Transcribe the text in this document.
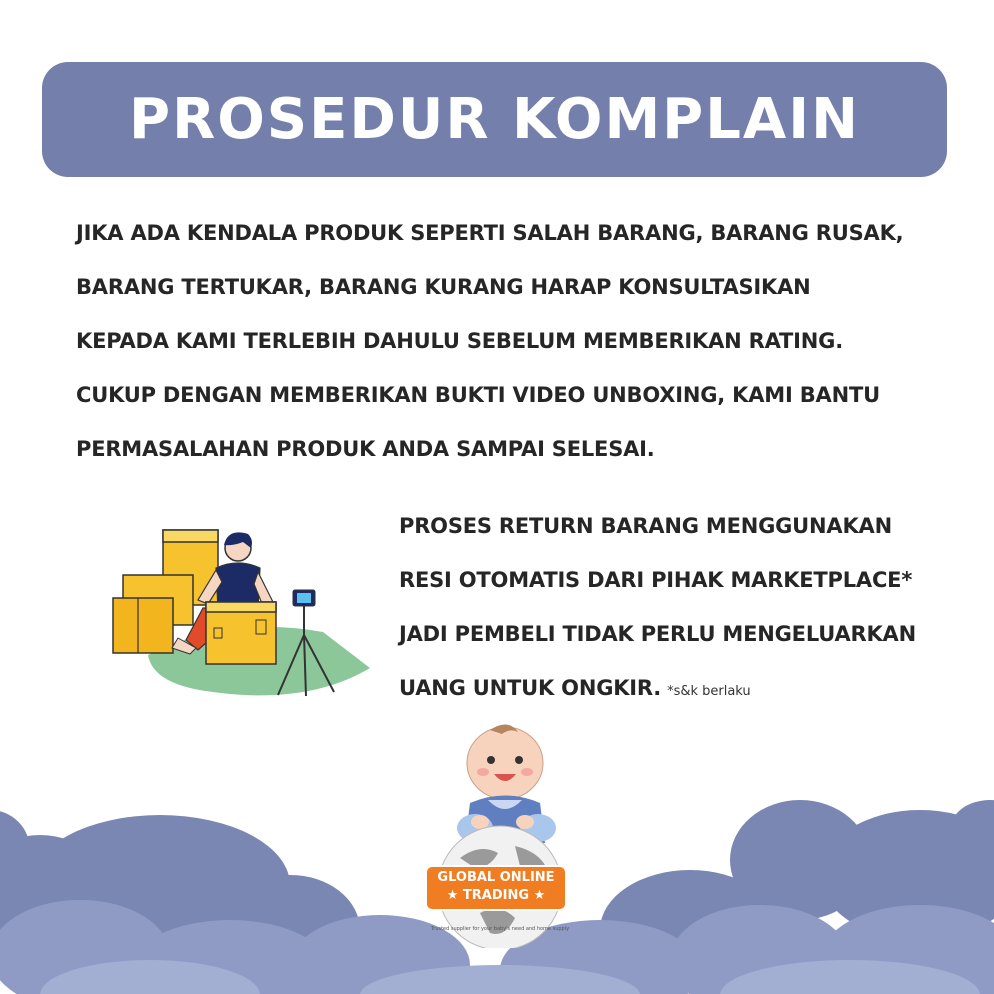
PROSEDUR KOMPLAIN
JIKA ADA KENDALA PRODUK SEPERTI SALAH BARANG, BARANG RUSAK,
BARANG TERTUKAR, BARANG KURANG HARAP KONSULTASIKAN
KEPADA KAMI TERLEBIH DAHULU SEBELUM MEMBERIKAN RATING.
CUKUP DENGAN MEMBERIKAN BUKTI VIDEO UNBOXING, KAMI BANTU
PERMASALAHAN PRODUK ANDA SAMPAI SELESAI.
PROSES RETURN BARANG MENGGUNAKAN
RESI OTOMATIS DARI PIHAK MARKETPLACE*
JADI PEMBELI TIDAK PERLU MENGELUARKAN
UANG UNTUK ONGKIR. *s&k berlaku
GLOBAL ONLINE
★ TRADING ★
Trusted supplier for your baby's need and home supply
